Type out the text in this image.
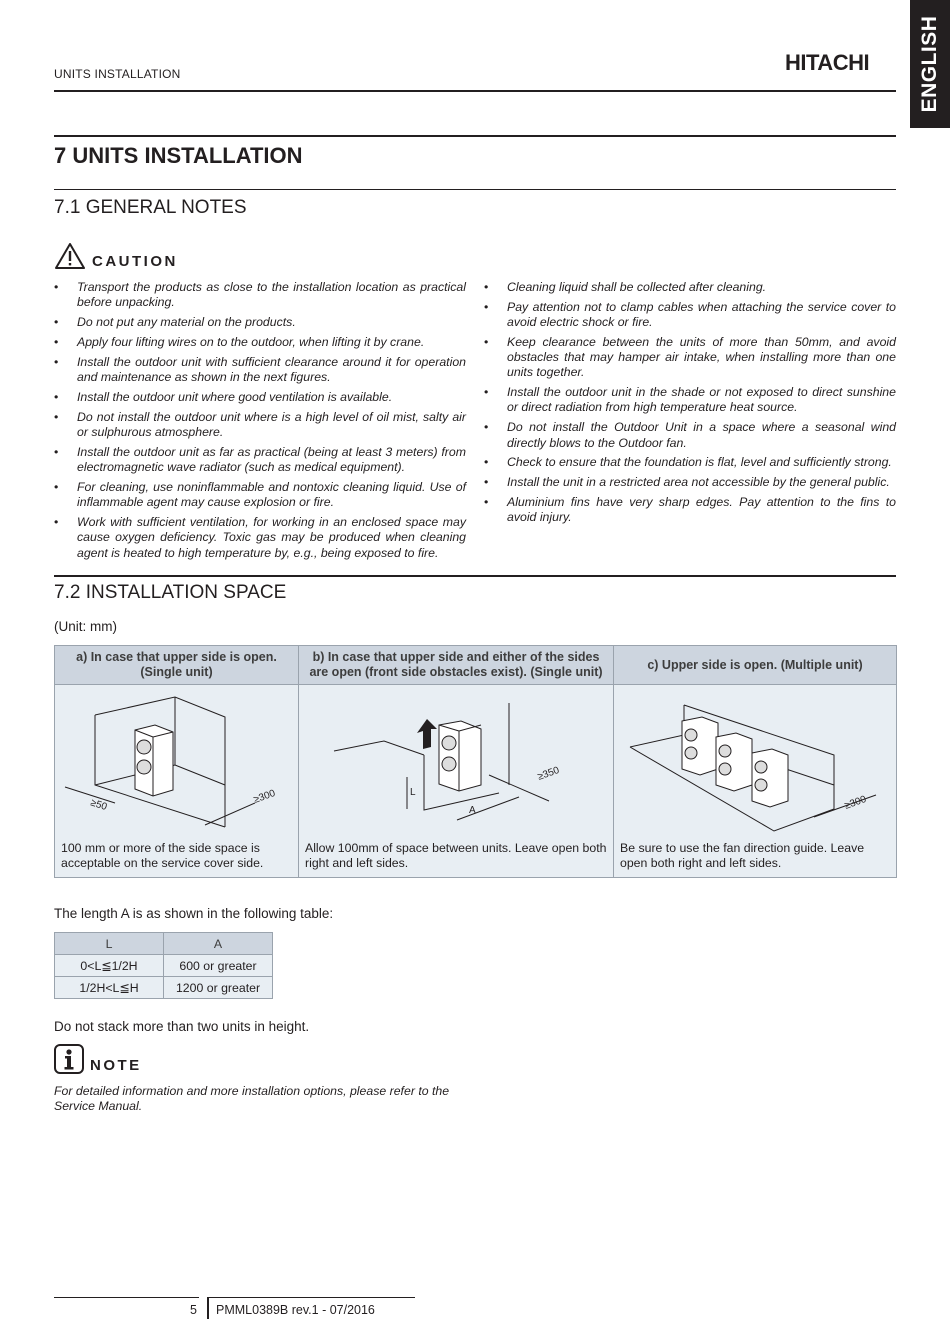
UNITS INSTALLATION	HITACHI ENGLISH
7 UNITS INSTALLATION
7.1 GENERAL NOTES
CAUTION
• Transport the products as close to the installation location as practical before unpacking.
• Do not put any material on the products.
• Apply four lifting wires on to the outdoor, when lifting it by crane.
• Install the outdoor unit with sufficient clearance around it for operation and maintenance as shown in the next figures.
• Install the outdoor unit where good ventilation is available.
• Do not install the outdoor unit where is a high level of oil mist, salty air or sulphurous atmosphere.
• Install the outdoor unit as far as practical (being at least 3 meters) from electromagnetic wave radiator (such as medical equipment).
• For cleaning, use noninflammable and nontoxic cleaning liquid. Use of inflammable agent may cause explosion or fire.
• Work with sufficient ventilation, for working in an enclosed space may cause oxygen deficiency. Toxic gas may be produced when cleaning agent is heated to high temperature by, e.g., being exposed to fire.
• Cleaning liquid shall be collected after cleaning.
• Pay attention not to clamp cables when attaching the service cover to avoid electric shock or fire.
• Keep clearance between the units of more than 50mm, and avoid obstacles that may hamper air intake, when installing more than one units together.
• Install the outdoor unit in the shade or not exposed to direct sunshine or direct radiation from high temperature heat source.
• Do not install the Outdoor Unit in a space where a seasonal wind directly blows to the Outdoor fan.
• Check to ensure that the foundation is flat, level and sufficiently strong.
• Install the unit in a restricted area not accessible by the general public.
• Aluminium fins have very sharp edges. Pay attention to the fins to avoid injury.
7.2 INSTALLATION SPACE
(Unit: mm)
a) In case that upper side is open. (Single unit)	b) In case that upper side and either of the sides are open (front side obstacles exist). (Single unit)	c) Upper side is open. (Multiple unit)

≥50 ≥300	≥350
L
A	≥300

100 mm or more of the side space is acceptable on the service cover side.	Allow 100mm of space between units. Leave open both right and left sides.	Be sure to use the fan direction guide. Leave open both right and left sides.
The length A is as shown in the following table:
L	A
0<L≦1/2H	600 or greater
1/2H<L≦H	1200 or greater
Do not stack more than two units in height.
NOTE
For detailed information and more installation options, please refer to the Service Manual.
5 PMML0389B rev.1 - 07/2016
